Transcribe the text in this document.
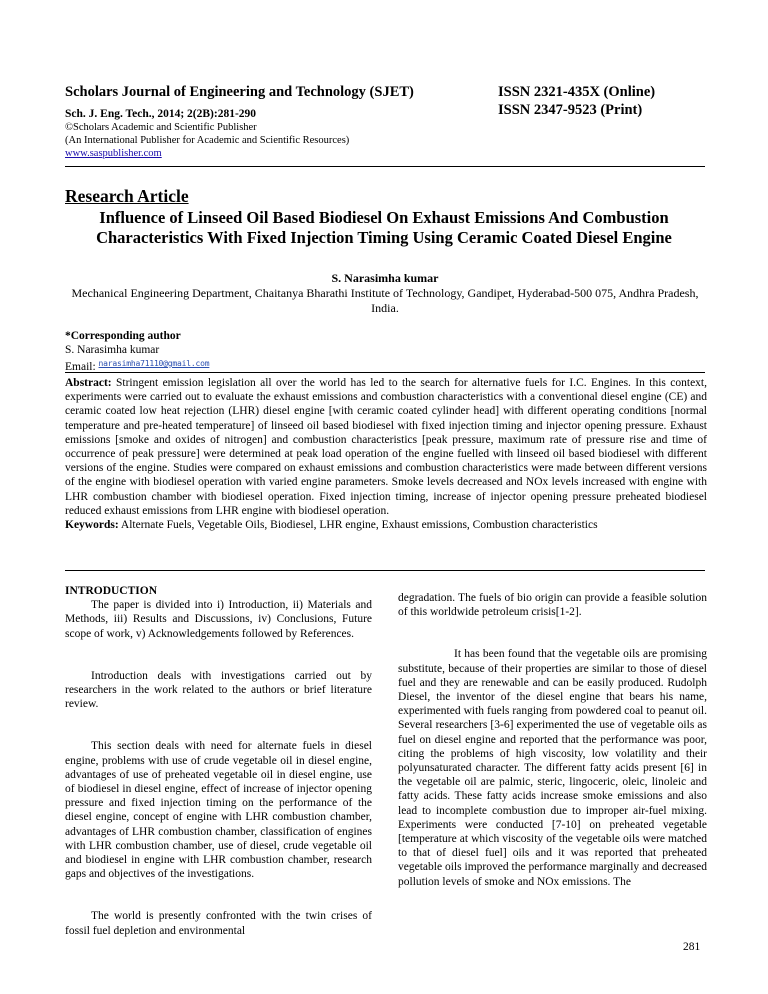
Scholars Journal of Engineering and Technology (SJET)
Sch. J. Eng. Tech., 2014; 2(2B):281-290
©Scholars Academic and Scientific Publisher
(An International Publisher for Academic and Scientific Resources)
www.saspublisher.com
ISSN 2321-435X (Online)
ISSN 2347-9523 (Print)
Research Article
Influence of Linseed Oil Based Biodiesel On Exhaust Emissions And Combustion Characteristics With Fixed Injection Timing Using Ceramic Coated Diesel Engine
S. Narasimha kumar
Mechanical Engineering Department, Chaitanya Bharathi Institute of Technology, Gandipet, Hyderabad-500 075, Andhra Pradesh, India.
*Corresponding author
S. Narasimha kumar
Email: $^{narasimha71110@gmail.com}$
Abstract: Stringent emission legislation all over the world has led to the search for alternative fuels for I.C. Engines. In this context, experiments were carried out to evaluate the exhaust emissions and combustion characteristics with a conventional diesel engine (CE) and ceramic coated low heat rejection (LHR) diesel engine [with ceramic coated cylinder head] with different operating conditions [normal temperature and pre-heated temperature] of linseed oil based biodiesel with fixed injection timing and injector opening pressure. Exhaust emissions [smoke and oxides of nitrogen] and combustion characteristics [peak pressure, maximum rate of pressure rise and time of occurrence of peak pressure] were determined at peak load operation of the engine fuelled with linseed oil based biodiesel with different versions of the engine. Studies were compared on exhaust emissions and combustion characteristics were made between different versions of the engine with biodiesel operation with varied engine parameters. Smoke levels decreased and NOx levels increased with engine with LHR combustion chamber with biodiesel operation. Fixed injection timing, increase of injector opening pressure preheated biodiesel reduced exhaust emissions from LHR engine with biodiesel operation.
Keywords: Alternate Fuels, Vegetable Oils, Biodiesel, LHR engine, Exhaust emissions, Combustion characteristics
INTRODUCTION

The paper is divided into i) Introduction, ii) Materials and Methods, iii) Results and Discussions, iv) Conclusions, Future scope of work, v) Acknowledgements followed by References.

Introduction deals with investigations carried out by researchers in the work related to the authors or brief literature review.

This section deals with need for alternate fuels in diesel engine, problems with use of crude vegetable oil in diesel engine, advantages of use of preheated vegetable oil in diesel engine, use of biodiesel in diesel engine, effect of increase of injector opening pressure and fixed injection timing on the performance of the diesel engine, concept of engine with LHR combustion chamber, advantages of LHR combustion chamber, classification of engines with LHR combustion chamber, use of diesel, crude vegetable oil and biodiesel in engine with LHR combustion chamber, research gaps and objectives of the investigations.

The world is presently confronted with the twin crises of fossil fuel depletion and environmental

degradation. The fuels of bio origin can provide a feasible solution of this worldwide petroleum crisis[1-2].

It has been found that the vegetable oils are promising substitute, because of their properties are similar to those of diesel fuel and they are renewable and can be easily produced. Rudolph Diesel, the inventor of the diesel engine that bears his name, experimented with fuels ranging from powdered coal to peanut oil. Several researchers [3-6] experimented the use of vegetable oils as fuel on diesel engine and reported that the performance was poor, citing the problems of high viscosity, low volatility and their polyunsaturated character. The different fatty acids present [6] in the vegetable oil are palmic, steric, lingoceric, oleic, linoleic and fatty acids. These fatty acids increase smoke emissions and also lead to incomplete combustion due to improper air-fuel mixing. Experiments were conducted [7-10] on preheated vegetable [temperature at which viscosity of the vegetable oils were matched to that of diesel fuel] oils and it was reported that preheated vegetable oils improved the performance marginally and decreased pollution levels of smoke and NOx emissions. The

281
